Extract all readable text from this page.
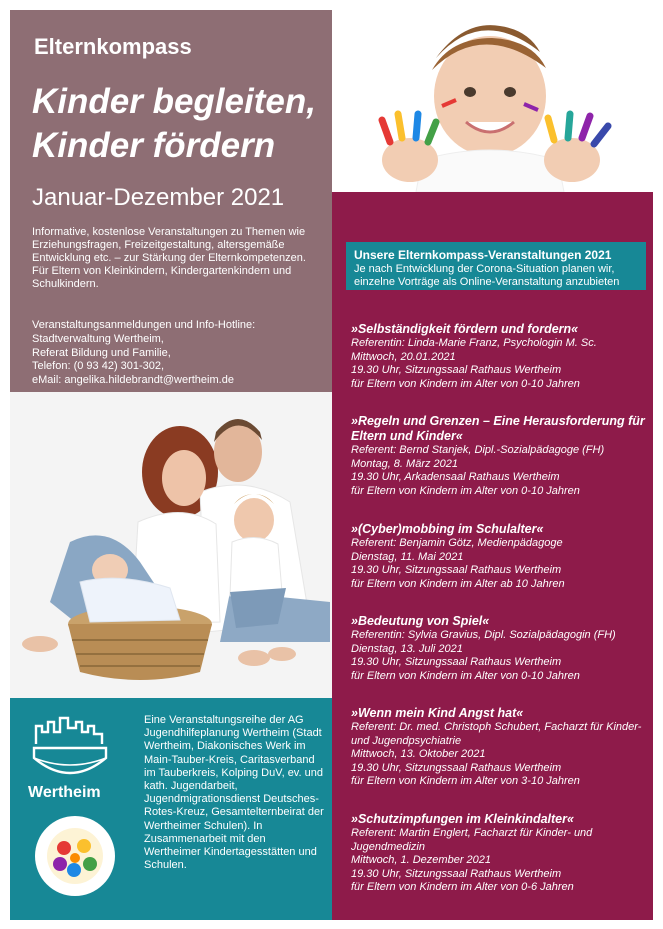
Elternkompass
Kinder begleiten,
Kinder fördern
Januar-Dezember 2021
Informative, kostenlose Veranstaltungen zu Themen wie Erziehungsfragen, Freizeitgestaltung, altersgemäße Entwicklung etc. – zur Stärkung der Elternkompetenzen. Für Eltern von Kleinkindern, Kindergartenkindern und Schulkindern.
Veranstaltungsanmeldungen und Info-Hotline:
Stadtverwaltung Wertheim,
Referat Bildung und Familie,
Telefon: (0 93 42) 301-302,
eMail: angelika.hildebrandt@wertheim.de
Wertheim
Eine Veranstaltungsreihe der AG Jugendhilfeplanung Wertheim (Stadt Wertheim, Diakonisches Werk im Main-Tauber-Kreis, Caritasverband im Tauberkreis, Kolping DuV, ev. und kath. Jugendarbeit, Jugendmigrationsdienst Deutsches-Rotes-Kreuz, Gesamtelternbeirat der Wertheimer Schulen). In Zusammenarbeit mit den Wertheimer Kindertagesstätten und Schulen.
Unsere Elternkompass-Veranstaltungen 2021
Je nach Entwicklung der Corona-Situation planen wir, einzelne Vorträge als Online-Veranstaltung anzubieten
»Selbständigkeit fördern und fordern«
Referentin: Linda-Marie Franz, Psychologin M. Sc.
Mittwoch, 20.01.2021
19.30 Uhr, Sitzungssaal Rathaus Wertheim
für Eltern von Kindern im Alter von 0-10 Jahren
»Regeln und Grenzen – Eine Herausforderung für Eltern und Kinder«
Referent: Bernd Stanjek, Dipl.-Sozialpädagoge (FH)
Montag, 8. März 2021
19.30 Uhr, Arkadensaal Rathaus Wertheim
für Eltern von Kindern im Alter von 0-10 Jahren
»(Cyber)mobbing im Schulalter«
Referent: Benjamin Götz, Medienpädagoge
Dienstag, 11. Mai 2021
19.30 Uhr, Sitzungssaal Rathaus Wertheim
für Eltern von Kindern im Alter ab 10 Jahren
»Bedeutung von Spiel«
Referentin: Sylvia Gravius, Dipl. Sozialpädagogin (FH)
Dienstag, 13. Juli 2021
19.30 Uhr, Sitzungssaal Rathaus Wertheim
für Eltern von Kindern im Alter von 0-10 Jahren
»Wenn mein Kind Angst hat«
Referent: Dr. med. Christoph Schubert, Facharzt für Kinder- und Jugendpsychiatrie
Mittwoch, 13. Oktober 2021
19.30 Uhr, Sitzungssaal Rathaus Wertheim
für Eltern von Kindern im Alter von 3-10 Jahren
»Schutzimpfungen im Kleinkindalter«
Referent: Martin Englert, Facharzt für Kinder- und Jugendmedizin
Mittwoch, 1. Dezember 2021
19.30 Uhr, Sitzungssaal Rathaus Wertheim
für Eltern von Kindern im Alter von 0-6 Jahren
